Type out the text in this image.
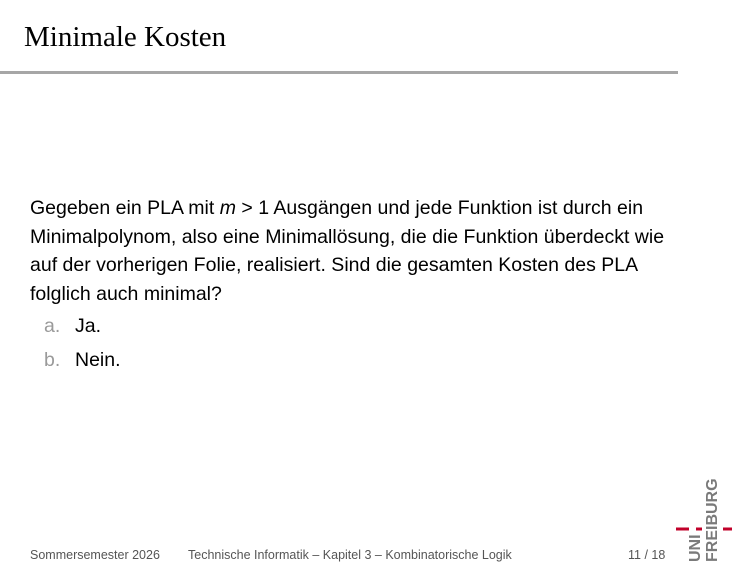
Minimale Kosten
Gegeben ein PLA mit m > 1 Ausgängen und jede Funktion ist durch ein Minimalpolynom, also eine Minimallösung, die die Funktion überdeckt wie auf der vorherigen Folie, realisiert. Sind die gesamten Kosten des PLA folglich auch minimal?
a. Ja.
b. Nein.
Sommersemester 2026 Technische Informatik – Kapitel 3 – Kombinatorische Logik	11 / 18 UNI FREIBURG
